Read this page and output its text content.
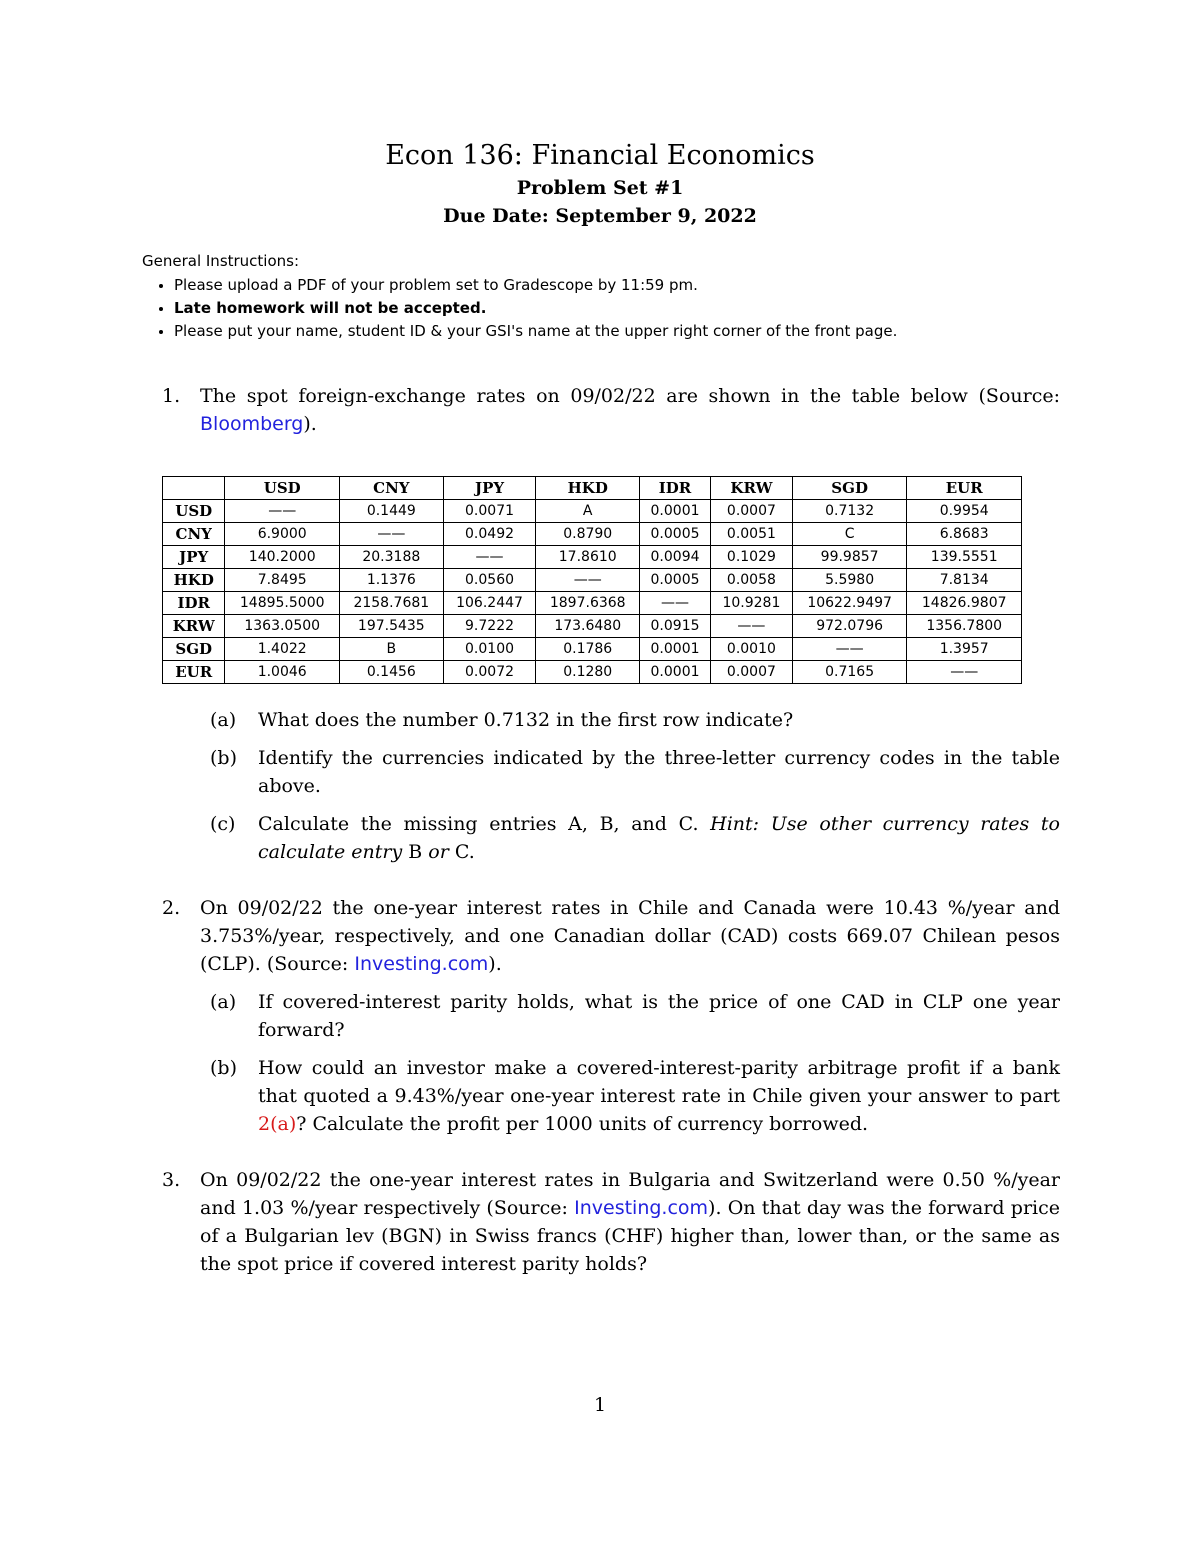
Econ 136: Financial Economics
Problem Set #1
Due Date: September 9, 2022
General Instructions:
• Please upload a PDF of your problem set to Gradescope by 11:59 pm.
• Late homework will not be accepted.
• Please put your name, student ID & your GSI's name at the upper right corner of the front page.
1.	The spot foreign-exchange rates on 09/02/22 are shown in the table below (Source: Bloomberg).
	USD	CNY	JPY	HKD	IDR	KRW	SGD	EUR
USD	——	0.1449	0.0071	A	0.0001	0.0007	0.7132	0.9954
CNY	6.9000	——	0.0492	0.8790	0.0005	0.0051	C	6.8683
JPY	140.2000	20.3188	——	17.8610	0.0094	0.1029	99.9857	139.5551
HKD	7.8495	1.1376	0.0560	——	0.0005	0.0058	5.5980	7.8134
IDR	14895.5000	2158.7681	106.2447	1897.6368	——	10.9281	10622.9497	14826.9807
KRW	1363.0500	197.5435	9.7222	173.6480	0.0915	——	972.0796	1356.7800
SGD	1.4022	B	0.0100	0.1786	0.0001	0.0010	——	1.3957
EUR	1.0046	0.1456	0.0072	0.1280	0.0001	0.0007	0.7165	——
(a)	What does the number 0.7132 in the first row indicate?
(b)	Identify the currencies indicated by the three-letter currency codes in the table above.
(c)	Calculate the missing entries A, B, and C. Hint: Use other currency rates to calculate entry B or C.
2.	On 09/02/22 the one-year interest rates in Chile and Canada were 10.43 %/year and 3.753%/year, respectively, and one Canadian dollar (CAD) costs 669.07 Chilean pesos (CLP). (Source: Investing.com).
(a)	If covered-interest parity holds, what is the price of one CAD in CLP one year forward?
(b)	How could an investor make a covered-interest-parity arbitrage profit if a bank that quoted a 9.43%/year one-year interest rate in Chile given your answer to part 2(a)? Calculate the profit per 1000 units of currency borrowed.
3.	On 09/02/22 the one-year interest rates in Bulgaria and Switzerland were 0.50 %/year and 1.03 %/year respectively (Source: Investing.com). On that day was the forward price of a Bulgarian lev (BGN) in Swiss francs (CHF) higher than, lower than, or the same as the spot price if covered interest parity holds?
1
